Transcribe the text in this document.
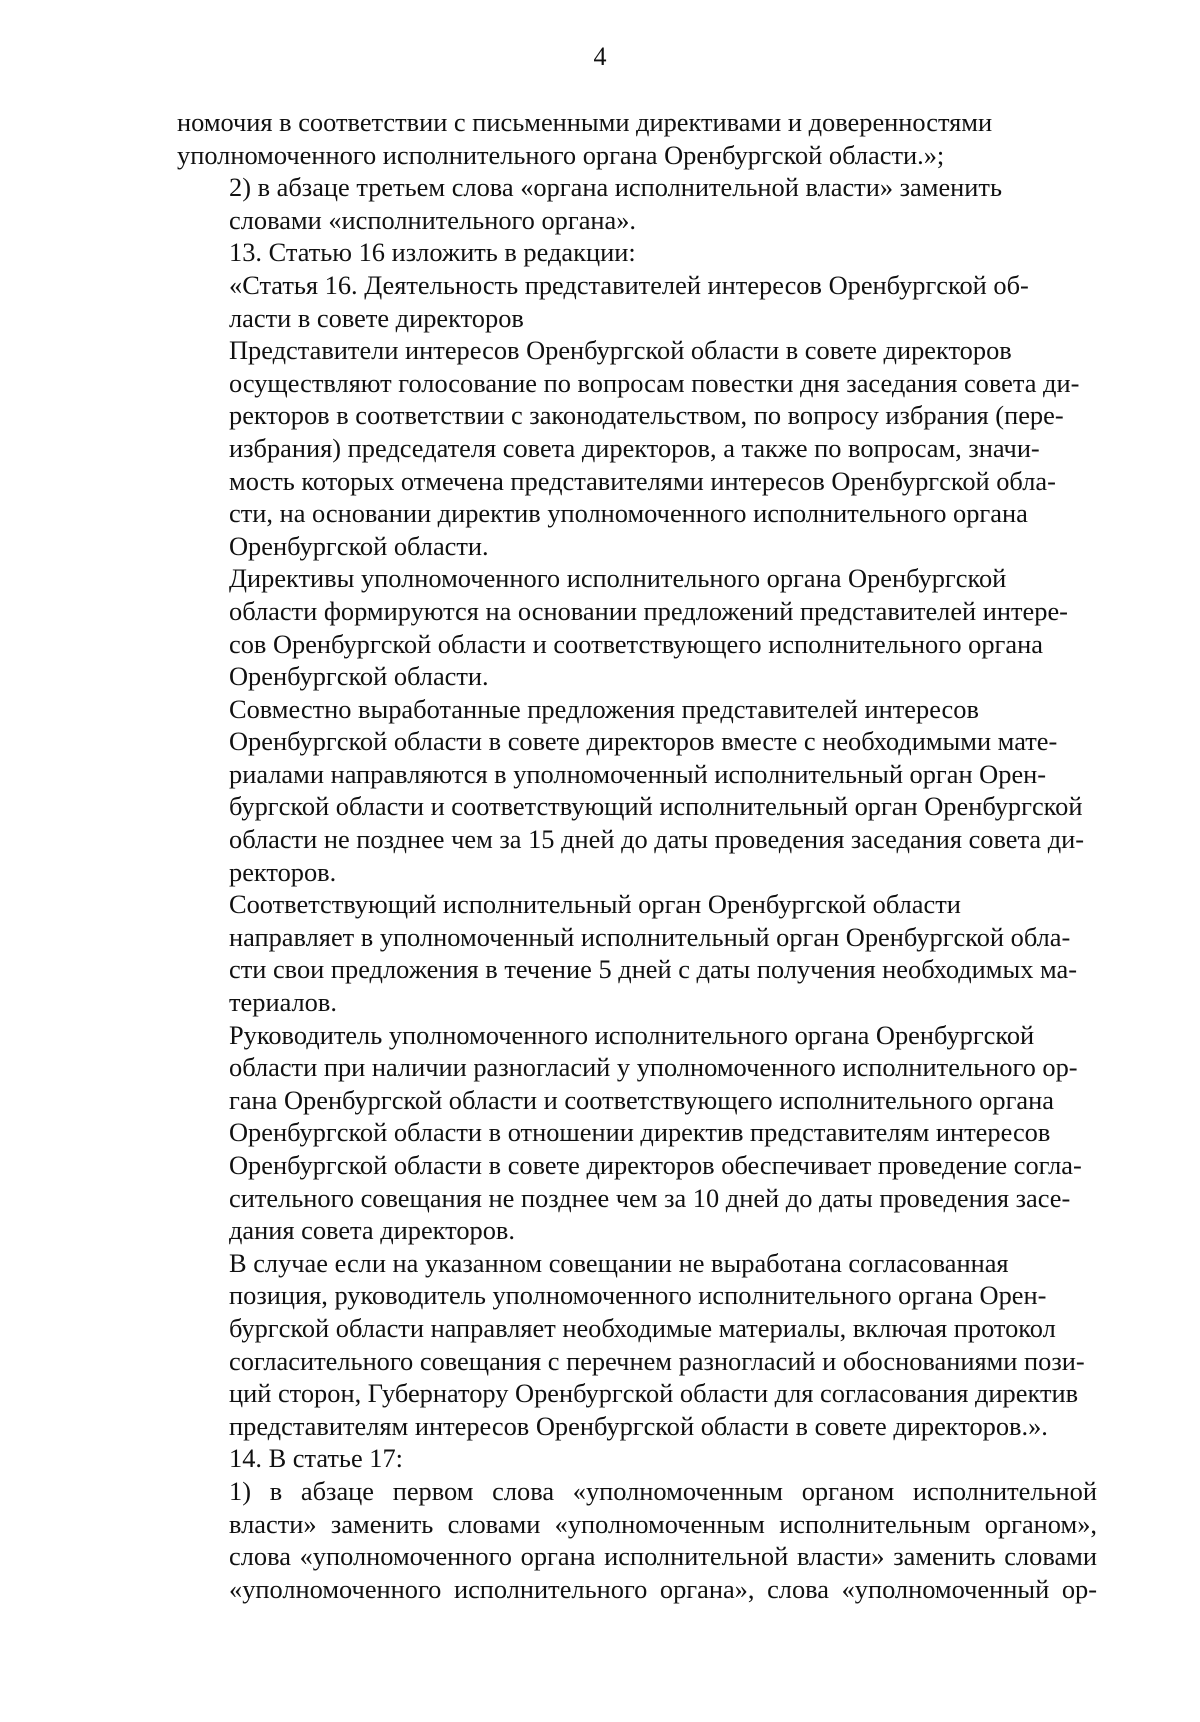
4

номочия в соответствии с письменными директивами и доверенностями
уполномоченного исполнительного органа Оренбургской области.»;

2) в абзаце третьем слова «органа исполнительной власти» заменить
словами «исполнительного органа».

13. Статью 16 изложить в редакции:

«Статья 16. Деятельность представителей интересов Оренбургской об-
ласти в совете директоров

Представители интересов Оренбургской области в совете директоров
осуществляют голосование по вопросам повестки дня заседания совета ди-
ректоров в соответствии с законодательством, по вопросу избрания (пере-
избрания) председателя совета директоров, а также по вопросам, значи-
мость которых отмечена представителями интересов Оренбургской обла-
сти, на основании директив уполномоченного исполнительного органа
Оренбургской области.

Директивы уполномоченного исполнительного органа Оренбургской
области формируются на основании предложений представителей интере-
сов Оренбургской области и соответствующего исполнительного органа
Оренбургской области.

Совместно выработанные предложения представителей интересов
Оренбургской области в совете директоров вместе с необходимыми мате-
риалами направляются в уполномоченный исполнительный орган Орен-
бургской области и соответствующий исполнительный орган Оренбургской
области не позднее чем за 15 дней до даты проведения заседания совета ди-
ректоров.

Соответствующий исполнительный орган Оренбургской области
направляет в уполномоченный исполнительный орган Оренбургской обла-
сти свои предложения в течение 5 дней с даты получения необходимых ма-
териалов.

Руководитель уполномоченного исполнительного органа Оренбургской
области при наличии разногласий у уполномоченного исполнительного ор-
гана Оренбургской области и соответствующего исполнительного органа
Оренбургской области в отношении директив представителям интересов
Оренбургской области в совете директоров обеспечивает проведение согла-
сительного совещания не позднее чем за 10 дней до даты проведения засе-
дания совета директоров.

В случае если на указанном совещании не выработана согласованная
позиция, руководитель уполномоченного исполнительного органа Орен-
бургской области направляет необходимые материалы, включая протокол
согласительного совещания с перечнем разногласий и обоснованиями пози-
ций сторон, Губернатору Оренбургской области для согласования директив
представителям интересов Оренбургской области в совете директоров.».

14. В статье 17:

1) в абзаце первом слова «уполномоченным органом исполнительной
власти» заменить словами «уполномоченным исполнительным органом»,
слова «уполномоченного органа исполнительной власти» заменить словами
«уполномоченного исполнительного органа», слова «уполномоченный ор-
